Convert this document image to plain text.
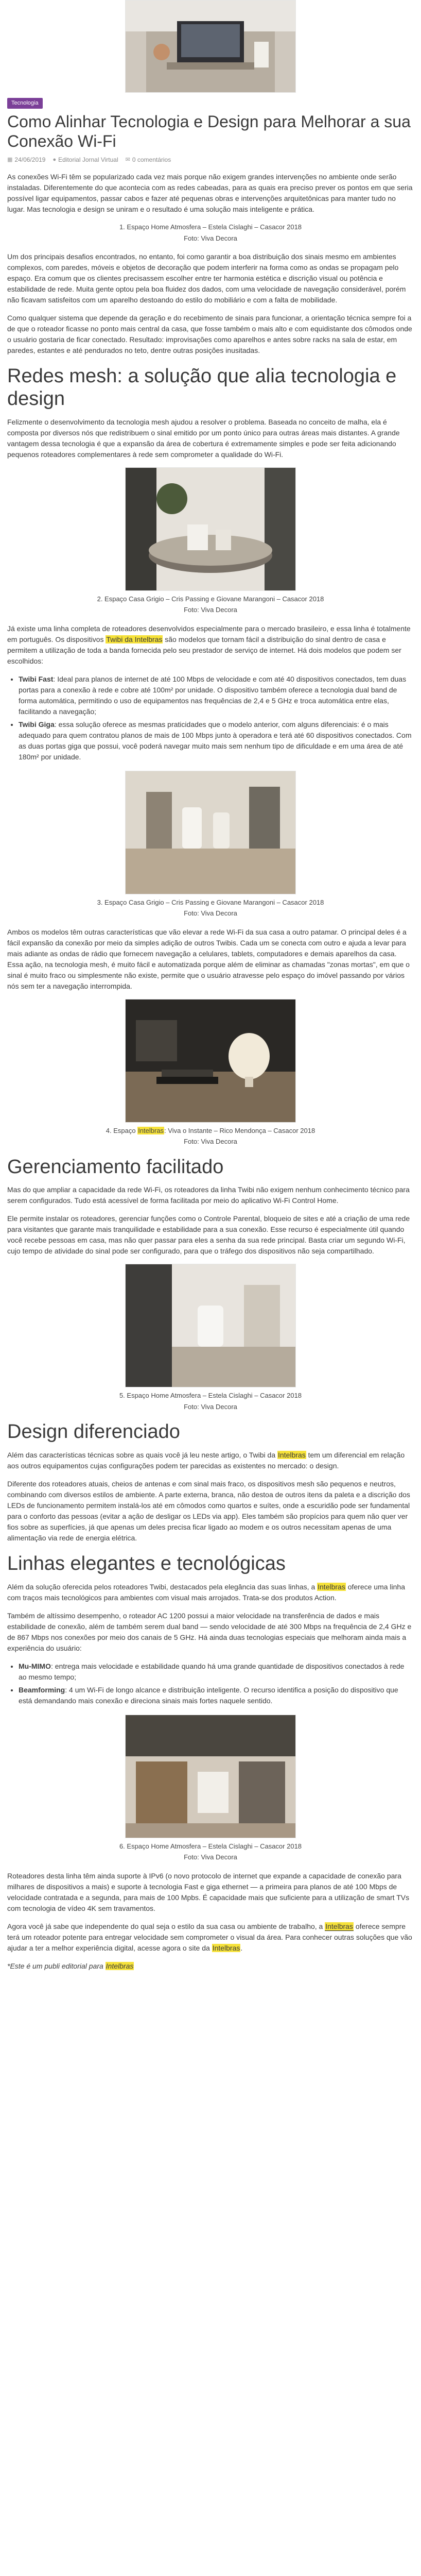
Tecnologia
Como Alinhar Tecnologia e Design para Melhorar a sua Conexão Wi-Fi
▦ 24/06/2019 ● Editorial Jornal Virtual ✉ 0 comentários

As conexões Wi-Fi têm se popularizado cada vez mais porque não exigem grandes intervenções no ambiente onde serão instaladas. Diferentemente do que acontecia com as redes cabeadas, para as quais era preciso prever os pontos em que seria possível ligar equipamentos, passar cabos e fazer até pequenas obras e intervenções arquitetônicas para manter tudo no lugar. Mas tecnologia e design se uniram e o resultado é uma solução mais inteligente e prática.

1. Espaço Home Atmosfera – Estela Cislaghi – Casacor 2018
Foto: Viva Decora

Um dos principais desafios encontrados, no entanto, foi como garantir a boa distribuição dos sinais mesmo em ambientes complexos, com paredes, móveis e objetos de decoração que podem interferir na forma como as ondas se propagam pelo espaço. Era comum que os clientes precisassem escolher entre ter harmonia estética e discrição visual ou potência e estabilidade de rede. Muita gente optou pela boa fluidez dos dados, com uma velocidade de navegação considerável, porém não ficavam satisfeitos com um aparelho destoando do estilo do mobiliário e com a falta de mobilidade.

Como qualquer sistema que depende da geração e do recebimento de sinais para funcionar, a orientação técnica sempre foi a de que o roteador ficasse no ponto mais central da casa, que fosse também o mais alto e com equidistante dos cômodos onde o usuário gostaria de ficar conectado. Resultado: improvisações como aparelhos e antes sobre racks na sala de estar, em paredes, estantes e até pendurados no teto, dentre outras posições inusitadas.

Redes mesh: a solução que alia tecnologia e design

Felizmente o desenvolvimento da tecnologia mesh ajudou a resolver o problema. Baseada no conceito de malha, ela é composta por diversos nós que redistribuem o sinal emitido por um ponto único para outras áreas mais distantes. A grande vantagem dessa tecnologia é que a expansão da área de cobertura é extremamente simples e pode ser feita adicionando pequenos roteadores complementares à rede sem comprometer a qualidade do Wi-Fi.

2. Espaço Casa Grigio – Cris Passing e Giovane Marangoni – Casacor 2018
Foto: Viva Decora

Já existe uma linha completa de roteadores desenvolvidos especialmente para o mercado brasileiro, e essa linha é totalmente em português. Os dispositivos Twibi da Intelbras são modelos que tornam fácil a distribuição do sinal dentro de casa e permitem a utilização de toda a banda fornecida pelo seu prestador de serviço de internet. Há dois modelos que podem ser escolhidos:

• Twibi Fast: Ideal para planos de internet de até 100 Mbps de velocidade e com até 40 dispositivos conectados, tem duas portas para a conexão à rede e cobre até 100m² por unidade. O dispositivo também oferece a tecnologia dual band de forma automática, permitindo o uso de equipamentos nas frequências de 2,4 e 5 GHz e troca automática entre elas, facilitando a navegação;
• Twibi Giga: essa solução oferece as mesmas praticidades que o modelo anterior, com alguns diferenciais: é o mais adequado para quem contratou planos de mais de 100 Mbps junto à operadora e terá até 60 dispositivos conectados. Com as duas portas giga que possui, você poderá navegar muito mais sem nenhum tipo de dificuldade e em uma área de até 180m² por unidade.
3. Espaço Casa Grigio – Cris Passing e Giovane Marangoni – Casacor 2018
Foto: Viva Decora

Ambos os modelos têm outras características que vão elevar a rede Wi-Fi da sua casa a outro patamar. O principal deles é a fácil expansão da conexão por meio da simples adição de outros Twibis. Cada um se conecta com outro e ajuda a levar para mais adiante as ondas de rádio que fornecem navegação a celulares, tablets, computadores e demais aparelhos da casa. Essa ação, na tecnologia mesh, é muito fácil e automatizada porque além de eliminar as chamadas "zonas mortas", em que o sinal é muito fraco ou simplesmente não existe, permite que o usuário atravesse pelo espaço do imóvel passando por vários nós sem ter a navegação interrompida.

4. Espaço Intelbras: Viva o Instante – Rico Mendonça – Casacor 2018
Foto: Viva Decora
Gerenciamento facilitado

Mas do que ampliar a capacidade da rede Wi-Fi, os roteadores da linha Twibi não exigem nenhum conhecimento técnico para serem configurados. Tudo está acessível de forma facilitada por meio do aplicativo Wi-Fi Control Home.

Ele permite instalar os roteadores, gerenciar funções como o Controle Parental, bloqueio de sites e até a criação de uma rede para visitantes que garante mais tranquilidade e estabilidade para a sua conexão. Esse recurso é especialmente útil quando você recebe pessoas em casa, mas não quer passar para eles a senha da sua rede principal. Basta criar um segundo Wi-Fi, cujo tempo de atividade do sinal pode ser configurado, para que o tráfego dos dispositivos não seja compartilhado.

5. Espaço Home Atmosfera – Estela Cislaghi – Casacor 2018
Foto: Viva Decora
Design diferenciado

Além das características técnicas sobre as quais você já leu neste artigo, o Twibi da Intelbras tem um diferencial em relação aos outros equipamentos cujas configurações podem ter parecidas as existentes no mercado: o design.

Diferente dos roteadores atuais, cheios de antenas e com sinal mais fraco, os dispositivos mesh são pequenos e neutros, combinando com diversos estilos de ambiente. A parte externa, branca, não destoa de outros itens da paleta e a discrição dos LEDs de funcionamento permitem instalá-los até em cômodos como quartos e suítes, onde a escuridão pode ser fundamental para o conforto das pessoas (evitar a ação de desligar os LEDs via app). Eles também são propícios para quem não quer ver fios sobre as superfícies, já que apenas um deles precisa ficar ligado ao modem e os outros necessitam apenas de uma alimentação via rede de energia elétrica.

Linhas elegantes e tecnológicas

Além da solução oferecida pelos roteadores Twibi, destacados pela elegância das suas linhas, a Intelbras oferece uma linha com traços mais tecnológicos para ambientes com visual mais arrojados. Trata-se dos produtos Action.

Também de altíssimo desempenho, o roteador AC 1200 possui a maior velocidade na transferência de dados e mais estabilidade de conexão, além de também serem dual band — sendo velocidade de até 300 Mbps na frequência de 2,4 GHz e de 867 Mbps nos conexões por meio dos canais de 5 GHz. Há ainda duas tecnologias especiais que melhoram ainda mais a experiência do usuário:

• Mu-MIMO: entrega mais velocidade e estabilidade quando há uma grande quantidade de dispositivos conectados à rede ao mesmo tempo;
• Beamforming: 4 um Wi-Fi de longo alcance e distribuição inteligente. O recurso identifica a posição do dispositivo que está demandando mais conexão e direciona sinais mais fortes naquele sentido.
6. Espaço Home Atmosfera – Estela Cislaghi – Casacor 2018
Foto: Viva Decora

Roteadores desta linha têm ainda suporte à IPv6 (o novo protocolo de internet que expande a capacidade de conexão para milhares de dispositivos a mais) e suporte à tecnologia Fast e giga ethernet — a primeira para planos de até 100 Mbps de velocidade contratada e a segunda, para mais de 100 Mpbs. É capacidade mais que suficiente para a utilização de smart TVs com tecnologia de vídeo 4K sem travamentos.

Agora você já sabe que independente do qual seja o estilo da sua casa ou ambiente de trabalho, a Intelbras oferece sempre terá um roteador potente para entregar velocidade sem comprometer o visual da área. Para conhecer outras soluções que vão ajudar a ter a melhor experiência digital, acesse agora o site da Intelbras.

*Este é um publi editorial para Intelbras
